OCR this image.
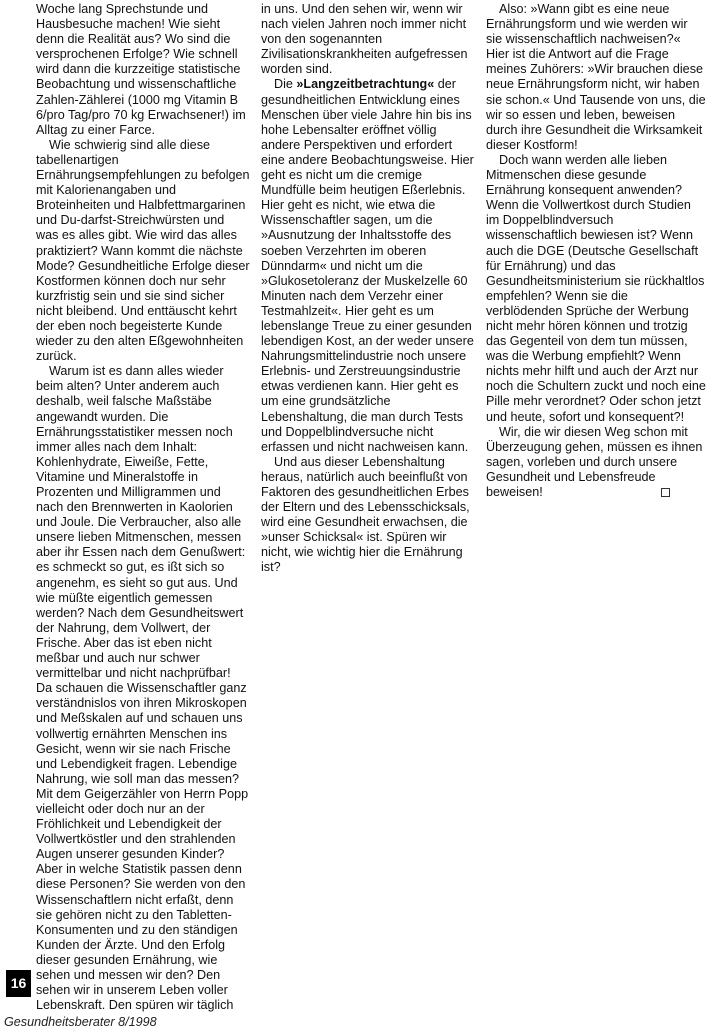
Woche lang Sprechstunde und Hausbesuche machen! Wie sieht denn die Realität aus? Wo sind die versprochenen Erfolge? Wie schnell wird dann die kurzzeitige statistische Beobachtung und wissenschaftliche Zahlen-Zählerei (1000 mg Vitamin B 6/pro Tag/pro 70 kg Erwachsener!) im Alltag zu einer Farce.

Wie schwierig sind alle diese tabellenartigen Ernährungsempfehlungen zu befolgen mit Kalorienangaben und Broteinheiten und Halbfettmargarinen und Du-darfst-Streichwürsten und was es alles gibt. Wie wird das alles praktiziert? Wann kommt die nächste Mode? Gesundheitliche Erfolge dieser Kostformen können doch nur sehr kurzfristig sein und sie sind sicher nicht bleibend. Und enttäuscht kehrt der eben noch begeisterte Kunde wieder zu den alten Eßgewohnheiten zurück.

Warum ist es dann alles wieder beim alten? Unter anderem auch deshalb, weil falsche Maßstäbe angewandt wurden. Die Ernährungsstatistiker messen noch immer alles nach dem Inhalt: Kohlenhydrate, Eiweiße, Fette, Vitamine und Mineralstoffe in Prozenten und Milligrammen und nach den Brennwerten in Kaolorien und Joule. Die Verbraucher, also alle unsere lieben Mitmenschen, messen aber ihr Essen nach dem Genußwert: es schmeckt so gut, es ißt sich so angenehm, es sieht so gut aus. Und wie müßte eigentlich gemessen werden? Nach dem Gesundheitswert der Nahrung, dem Vollwert, der Frische. Aber das ist eben nicht meßbar und auch nur schwer vermittelbar und nicht nachprüfbar! Da schauen die Wissenschaftler ganz verständnislos von ihren Mikroskopen und Meßskalen auf und schauen uns vollwertig ernährten Menschen ins Gesicht, wenn wir sie nach Frische und Lebendigkeit fragen. Lebendige Nahrung, wie soll man das messen? Mit dem Geigerzähler von Herrn Popp vielleicht oder doch nur an der Fröhlichkeit und Lebendigkeit der Vollwertköstler und den strahlenden Augen unserer gesunden Kinder? Aber in welche Statistik passen denn diese Personen? Sie werden von den Wissenschaftlern nicht erfaßt, denn sie gehören nicht zu den Tabletten-Konsumenten und zu den ständigen Kunden der Ärzte. Und den Erfolg dieser gesunden Ernährung, wie sehen und messen wir den? Den sehen wir in unserem Leben voller Lebenskraft. Den spüren wir täglich

in uns. Und den sehen wir, wenn wir nach vielen Jahren noch immer nicht von den sogenannten Zivilisationskrankheiten aufgefressen worden sind.

Die »Langzeitbetrachtung« der gesundheitlichen Entwicklung eines Menschen über viele Jahre hin bis ins hohe Lebensalter eröffnet völlig andere Perspektiven und erfordert eine andere Beobachtungsweise. Hier geht es nicht um die cremige Mundfülle beim heutigen Eßerlebnis. Hier geht es nicht, wie etwa die Wissenschaftler sagen, um die »Ausnutzung der Inhaltsstoffe des soeben Verzehrten im oberen Dünndarm« und nicht um die »Glukosetoleranz der Muskelzelle 60 Minuten nach dem Verzehr einer Testmahlzeit«. Hier geht es um lebenslange Treue zu einer gesunden lebendigen Kost, an der weder unsere Nahrungsmittelindustrie noch unsere Erlebnis- und Zerstreuungsindustrie etwas verdienen kann. Hier geht es um eine grundsätzliche Lebenshaltung, die man durch Tests und Doppelblindversuche nicht erfassen und nicht nachweisen kann.

Und aus dieser Lebenshaltung heraus, natürlich auch beeinflußt von Faktoren des gesundheitlichen Erbes der Eltern und des Lebensschicksals, wird eine Gesundheit erwachsen, die »unser Schicksal« ist. Spüren wir nicht, wie wichtig hier die Ernährung ist?

Also: »Wann gibt es eine neue Ernährungsform und wie werden wir sie wissenschaftlich nachweisen?« Hier ist die Antwort auf die Frage meines Zuhörers: »Wir brauchen diese neue Ernährungsform nicht, wir haben sie schon.« Und Tausende von uns, die wir so essen und leben, beweisen durch ihre Gesundheit die Wirksamkeit dieser Kostform!

Doch wann werden alle lieben Mitmenschen diese gesunde Ernährung konsequent anwenden? Wenn die Vollwertkost durch Studien im Doppelblindversuch wissenschaftlich bewiesen ist? Wenn auch die DGE (Deutsche Gesellschaft für Ernährung) und das Gesundheitsministerium sie rückhaltlos empfehlen? Wenn sie die verblödenden Sprüche der Werbung nicht mehr hören können und trotzig das Gegenteil von dem tun müssen, was die Werbung empfiehlt? Wenn nichts mehr hilft und auch der Arzt nur noch die Schultern zuckt und noch eine Pille mehr verordnet? Oder schon jetzt und heute, sofort und konsequent?!

Wir, die wir diesen Weg schon mit Überzeugung gehen, müssen es ihnen sagen, vorleben und durch unsere Gesundheit und Lebensfreude beweisen!

16
Gesundheitsberater 8/1998
